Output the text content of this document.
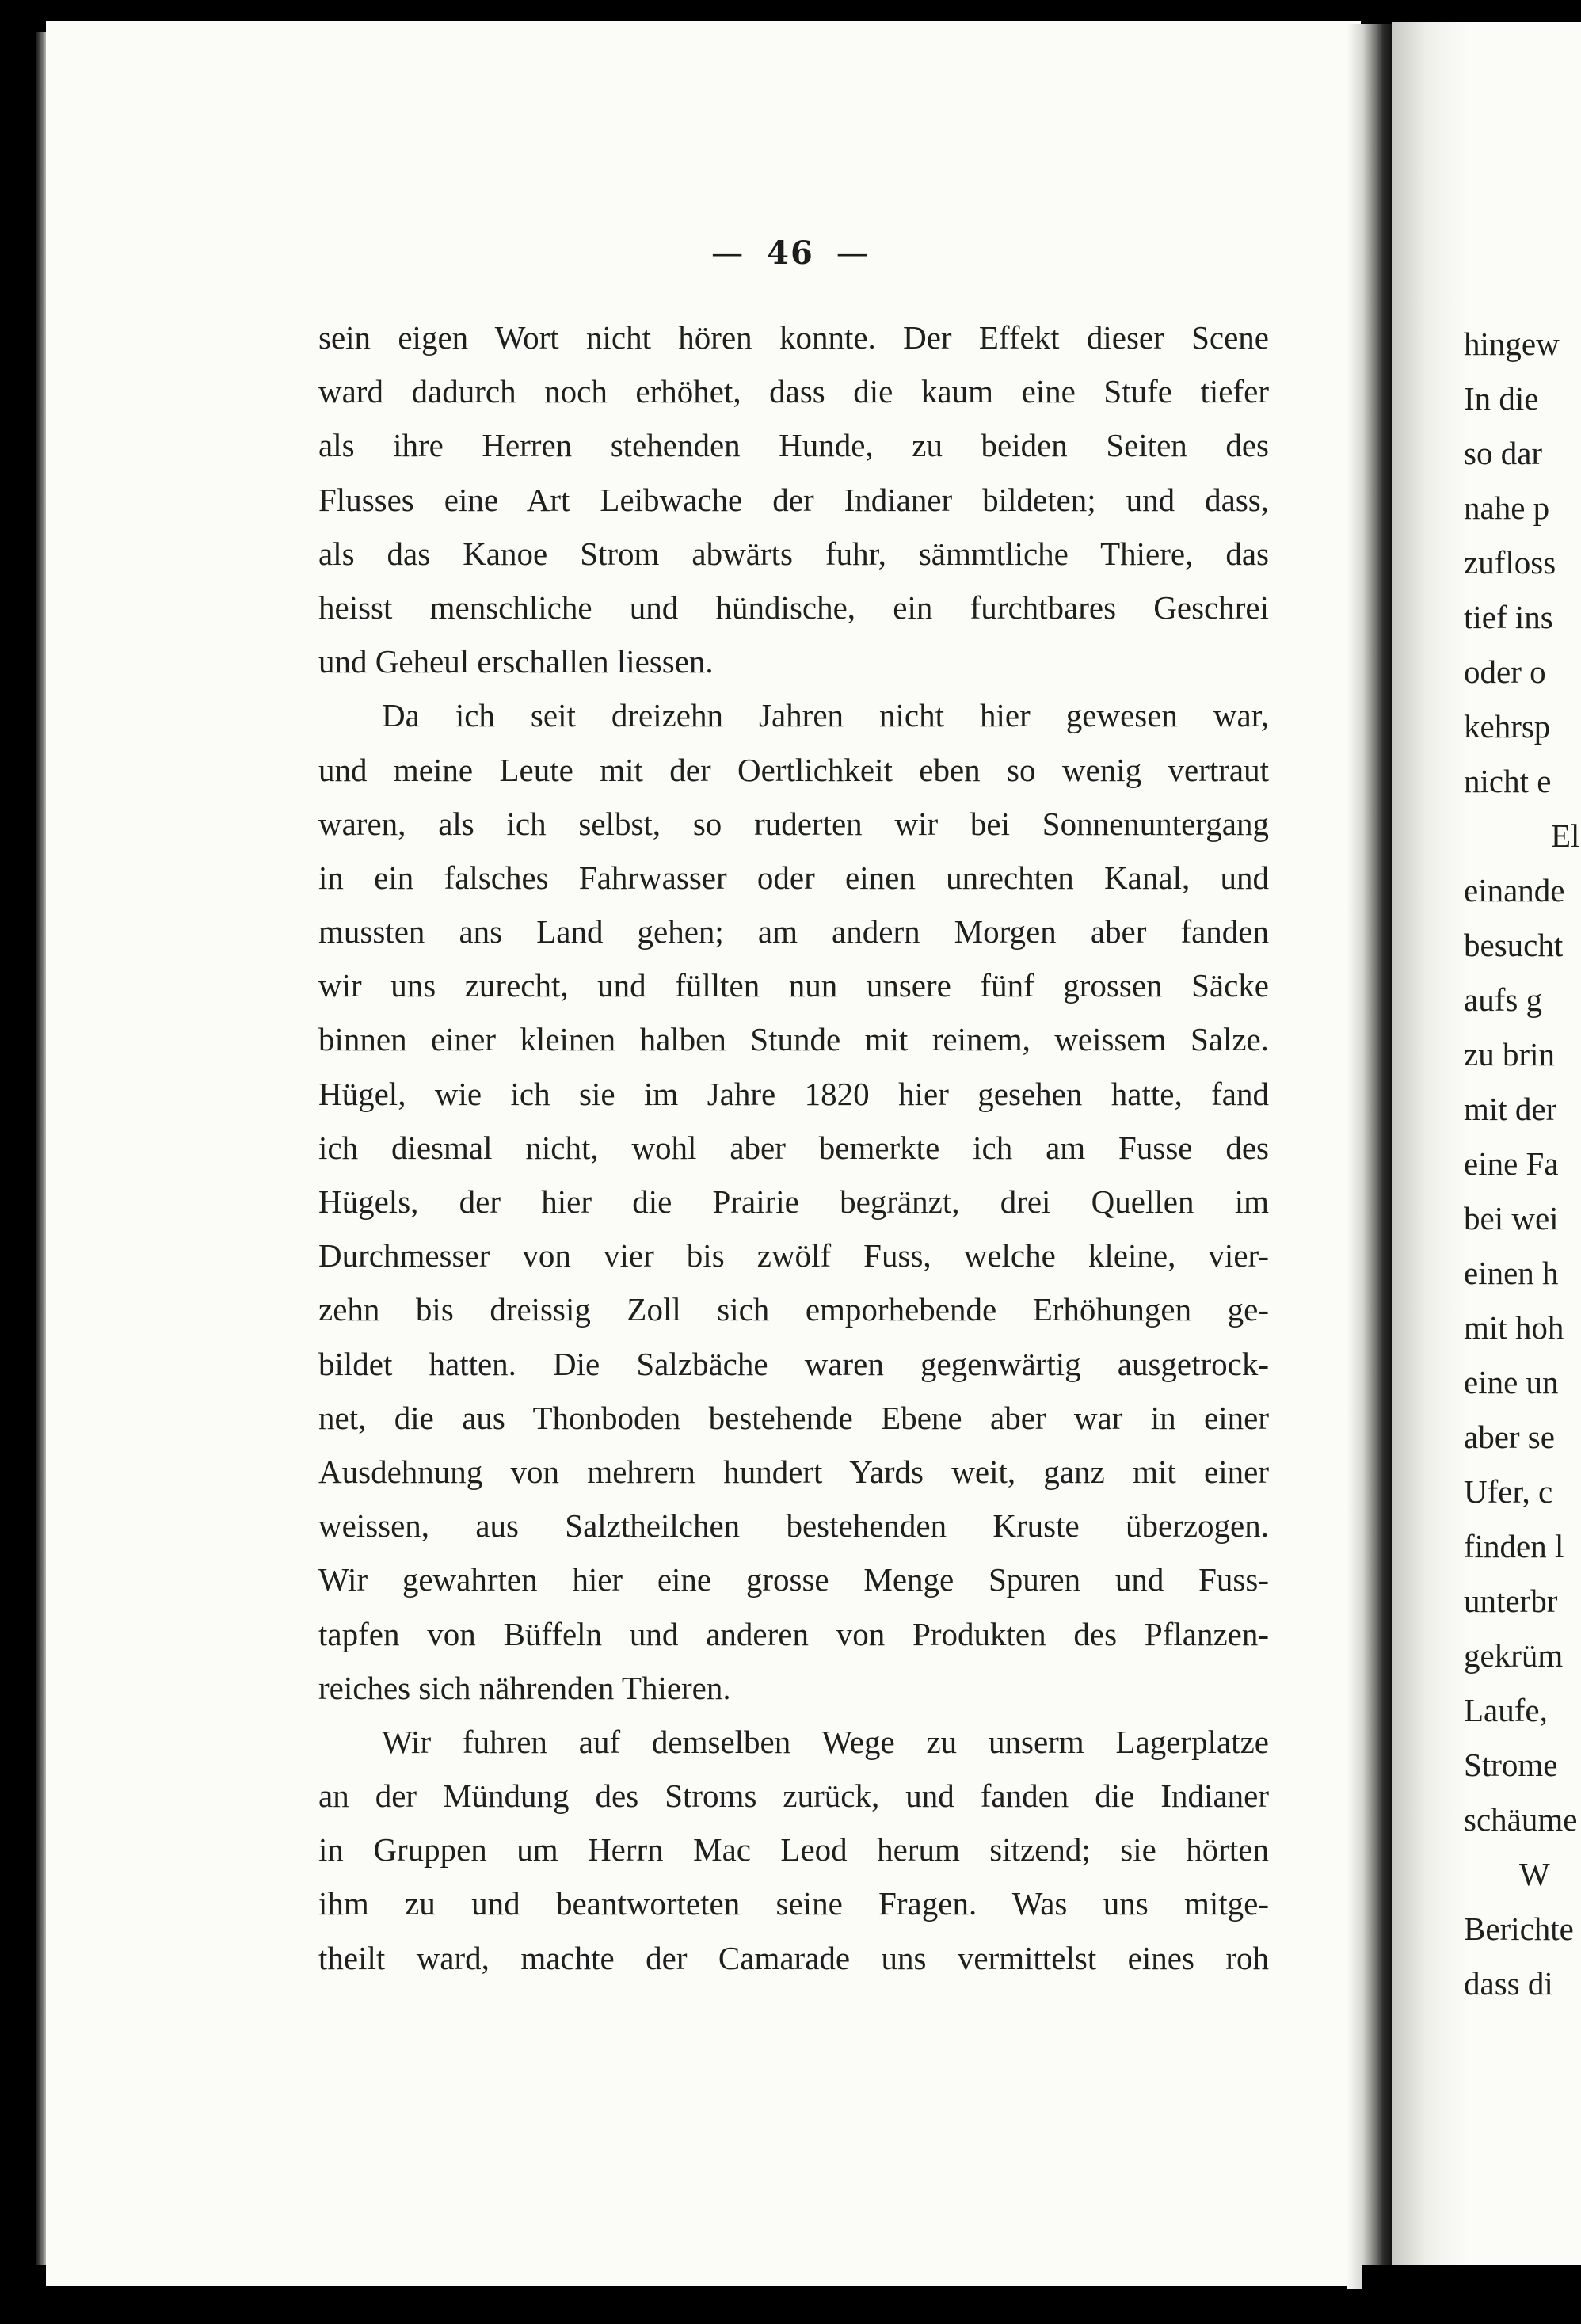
— 46 —
sein eigen Wort nicht hören konnte. Der Effekt dieser Scene
ward dadurch noch erhöhet, dass die kaum eine Stufe tiefer
als ihre Herren stehenden Hunde, zu beiden Seiten des
Flusses eine Art Leibwache der Indianer bildeten; und dass,
als das Kanoe Strom abwärts fuhr, sämmtliche Thiere, das
heisst menschliche und hündische, ein furchtbares Geschrei
und Geheul erschallen liessen.
Da ich seit dreizehn Jahren nicht hier gewesen war,
und meine Leute mit der Oertlichkeit eben so wenig vertraut
waren, als ich selbst, so ruderten wir bei Sonnenuntergang
in ein falsches Fahrwasser oder einen unrechten Kanal, und
mussten ans Land gehen; am andern Morgen aber fanden
wir uns zurecht, und füllten nun unsere fünf grossen Säcke
binnen einer kleinen halben Stunde mit reinem, weissem Salze.
Hügel, wie ich sie im Jahre 1820 hier gesehen hatte, fand
ich diesmal nicht, wohl aber bemerkte ich am Fusse des
Hügels, der hier die Prairie begränzt, drei Quellen im
Durchmesser von vier bis zwölf Fuss, welche kleine, vier-
zehn bis dreissig Zoll sich emporhebende Erhöhungen ge-
bildet hatten. Die Salzbäche waren gegenwärtig ausgetrock-
net, die aus Thonboden bestehende Ebene aber war in einer
Ausdehnung von mehrern hundert Yards weit, ganz mit einer
weissen, aus Salztheilchen bestehenden Kruste überzogen.
Wir gewahrten hier eine grosse Menge Spuren und Fuss-
tapfen von Büffeln und anderen von Produkten des Pflanzen-
reiches sich nährenden Thieren.
Wir fuhren auf demselben Wege zu unserm Lagerplatze
an der Mündung des Stroms zurück, und fanden die Indianer
in Gruppen um Herrn Mac Leod herum sitzend; sie hörten
ihm zu und beantworteten seine Fragen. Was uns mitge-
theilt ward, machte der Camarade uns vermittelst eines roh
hingew
In die
so dar
nahe p
zufloss
tief ins
oder o
kehrsp
nicht e
El
einande
besucht
aufs g
zu brin
mit der
eine Fa
bei wei
einen h
mit hoh
eine un
aber se
Ufer, c
finden l
unterbr
gekrüm
Laufe,
Strome
schäume
W
Berichte
dass di
